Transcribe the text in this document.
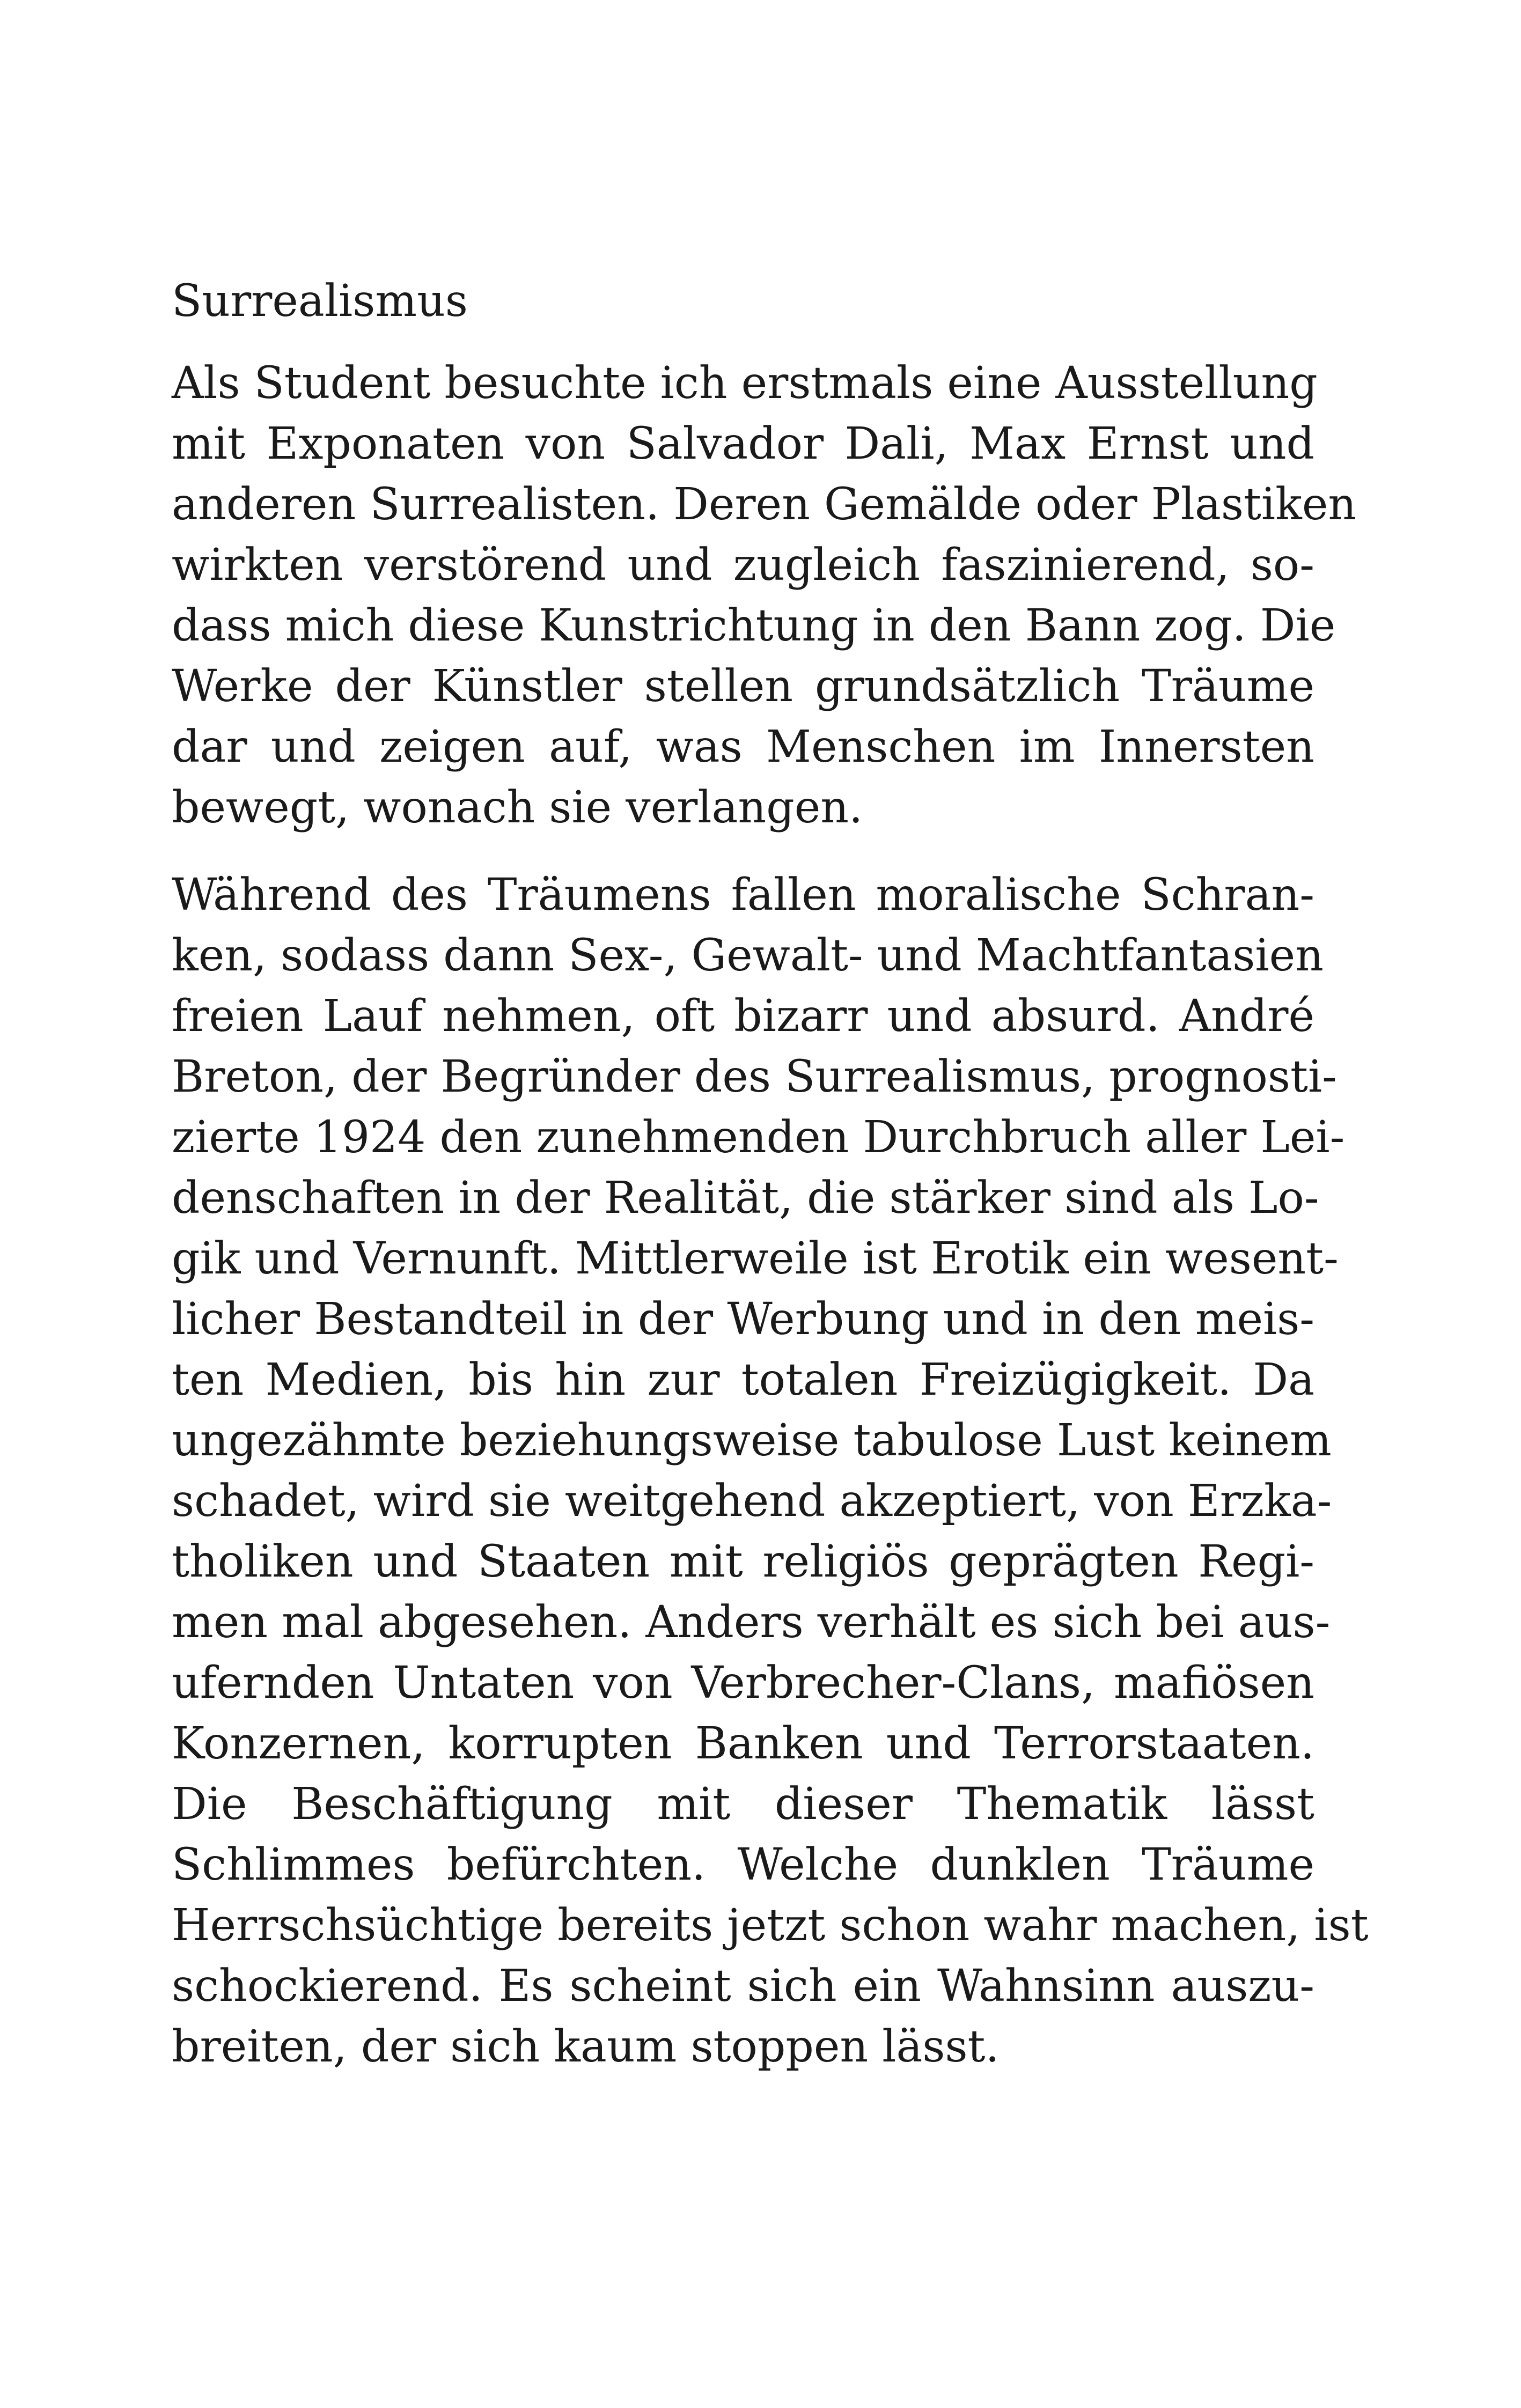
Surrealismus
Als Student besuchte ich erstmals eine Ausstellung
mit Exponaten von Salvador Dali, Max Ernst und
anderen Surrealisten. Deren Gemälde oder Plastiken
wirkten verstörend und zugleich faszinierend, so-
dass mich diese Kunstrichtung in den Bann zog. Die
Werke der Künstler stellen grundsätzlich Träume
dar und zeigen auf, was Menschen im Innersten
bewegt, wonach sie verlangen.
Während des Träumens fallen moralische Schran-
ken, sodass dann Sex-, Gewalt- und Machtfantasien
freien Lauf nehmen, oft bizarr und absurd. André
Breton, der Begründer des Surrealismus, prognosti-
zierte 1924 den zunehmenden Durchbruch aller Lei-
denschaften in der Realität, die stärker sind als Lo-
gik und Vernunft. Mittlerweile ist Erotik ein wesent-
licher Bestandteil in der Werbung und in den meis-
ten Medien, bis hin zur totalen Freizügigkeit. Da
ungezähmte beziehungsweise tabulose Lust keinem
schadet, wird sie weitgehend akzeptiert, von Erzka-
tholiken und Staaten mit religiös geprägten Regi-
men mal abgesehen. Anders verhält es sich bei aus-
ufernden Untaten von Verbrecher-Clans, mafiösen
Konzernen, korrupten Banken und Terrorstaaten.
Die Beschäftigung mit dieser Thematik lässt
Schlimmes befürchten. Welche dunklen Träume
Herrschsüchtige bereits jetzt schon wahr machen, ist
schockierend. Es scheint sich ein Wahnsinn auszu-
breiten, der sich kaum stoppen lässt.
